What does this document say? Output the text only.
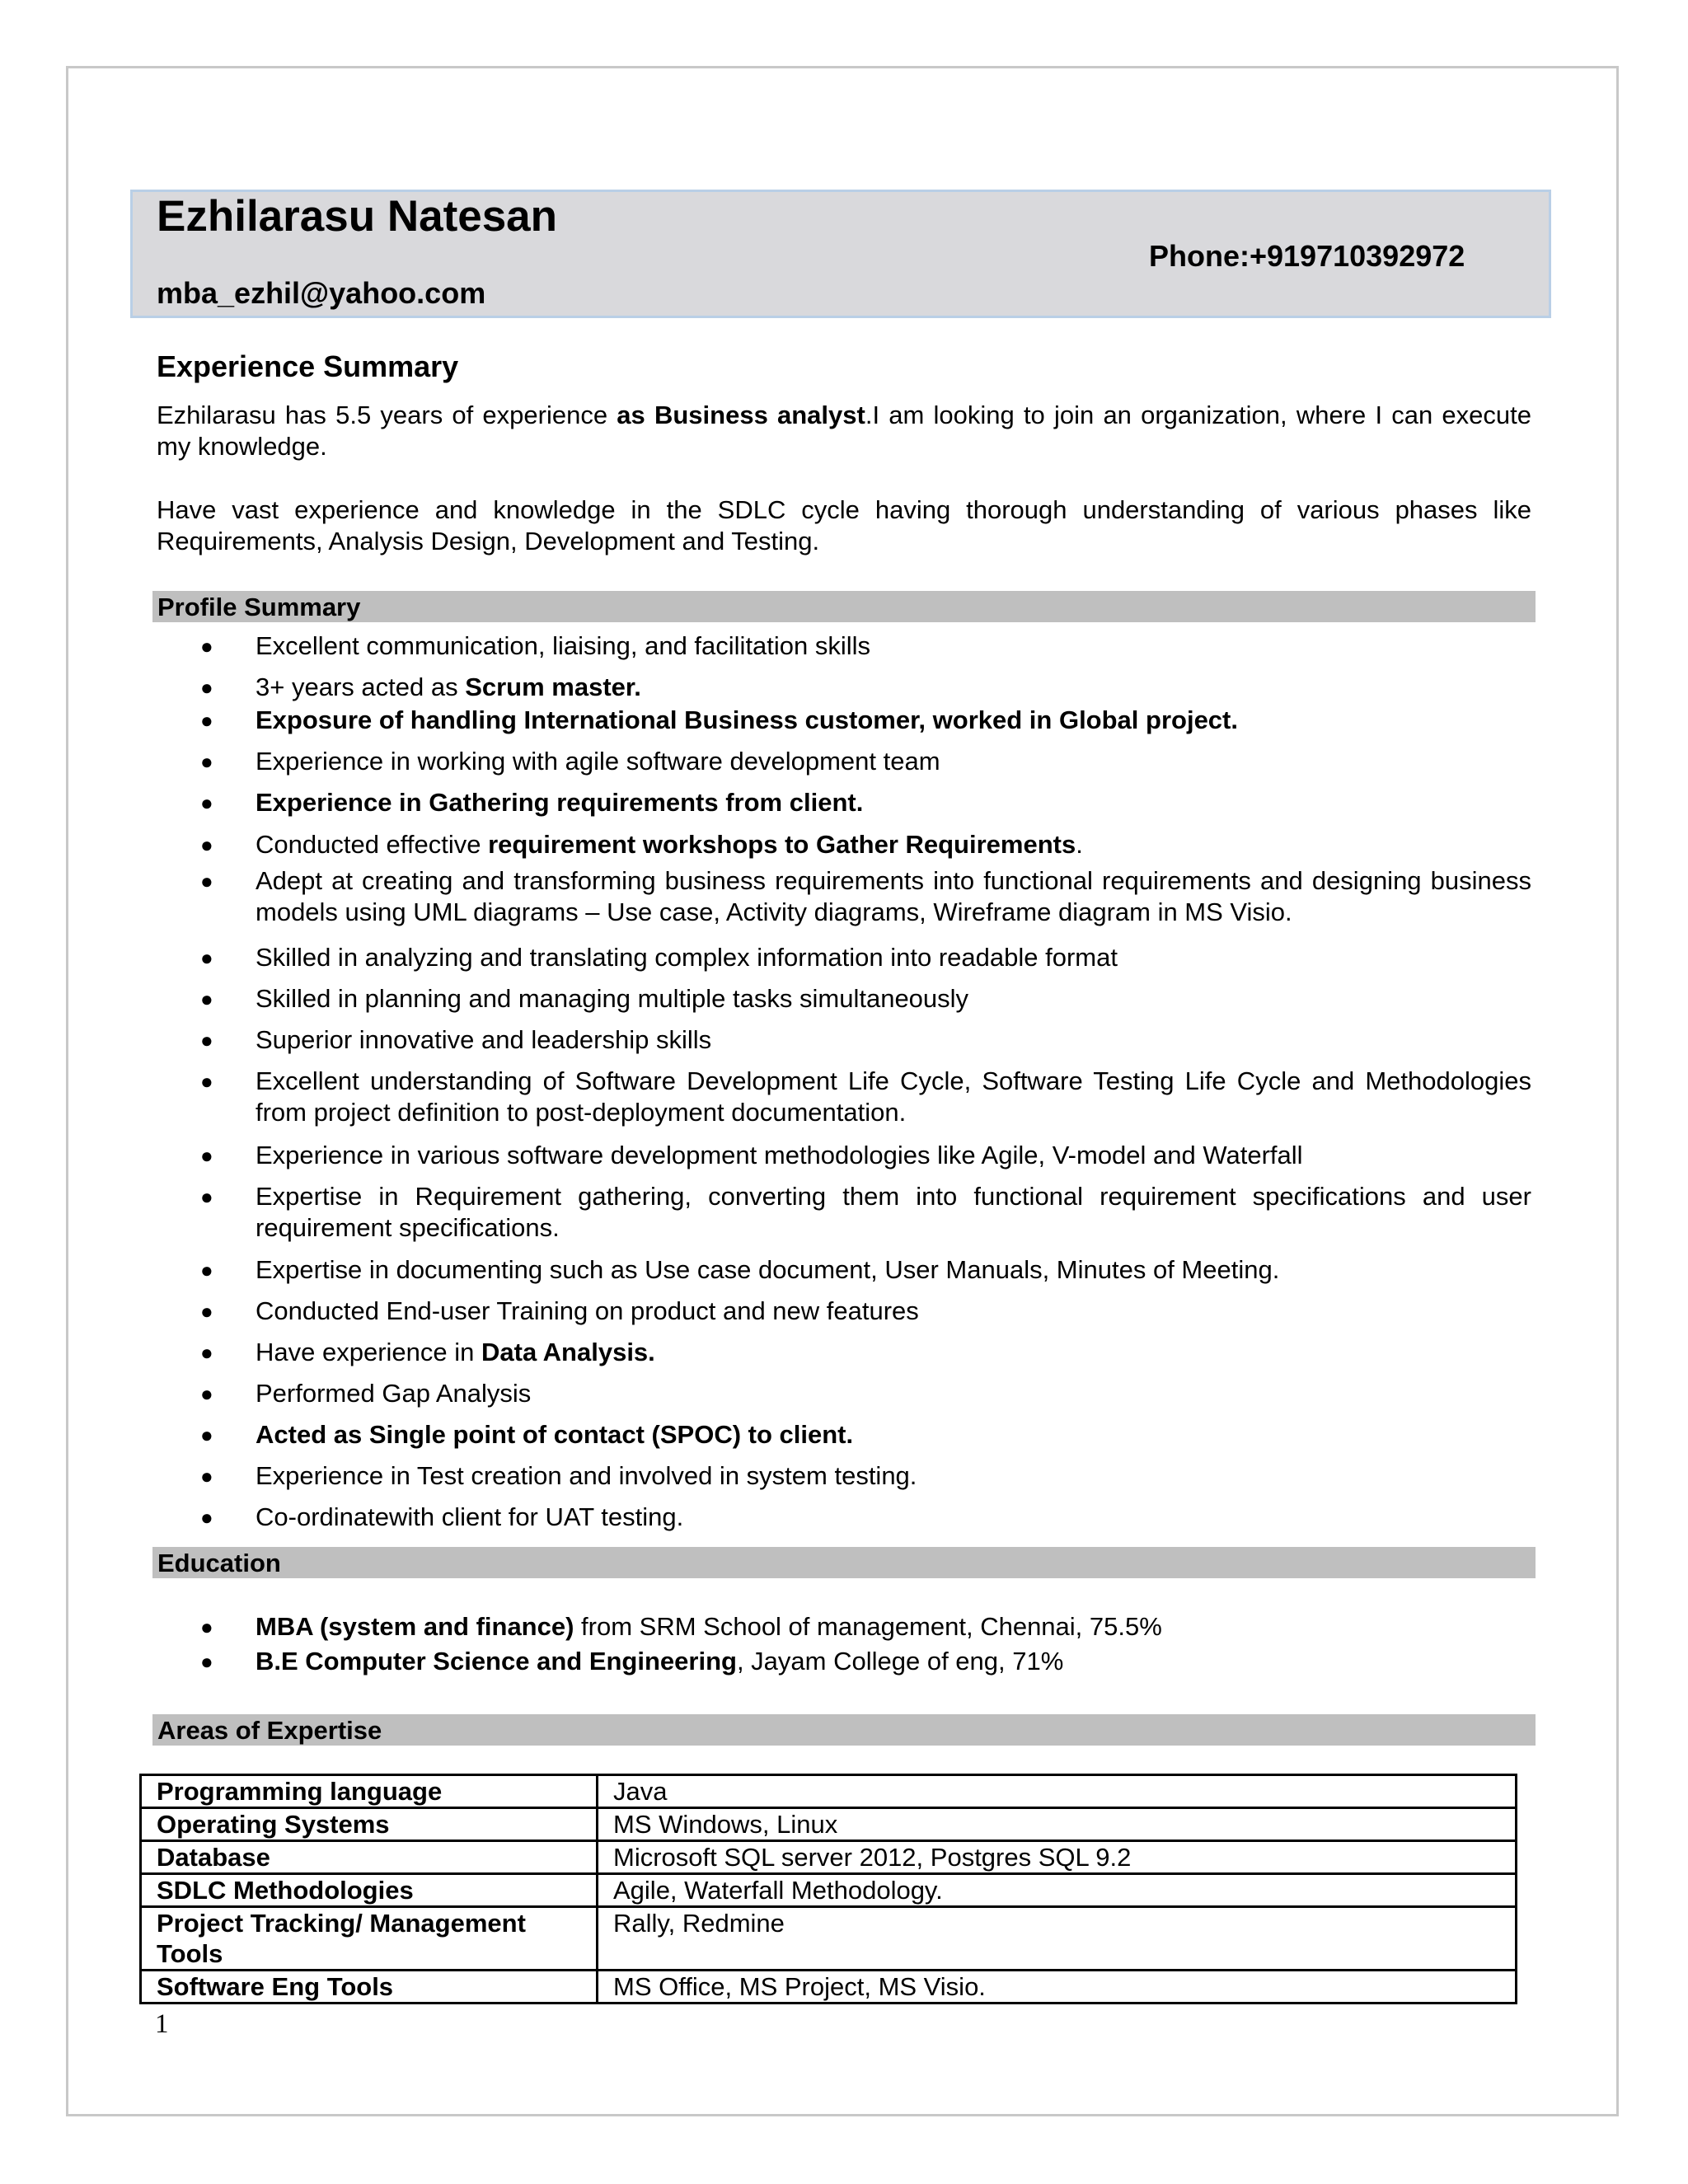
Ezhilarasu Natesan
Phone:+919710392972
mba_ezhil@yahoo.com
Experience Summary
Ezhilarasu has 5.5 years of experience as Business analyst.I am looking to join an organization, where I can execute my knowledge.
Have vast experience and knowledge in the SDLC cycle having thorough understanding of various phases like Requirements, Analysis Design, Development and Testing.
Profile Summary
● Excellent communication, liaising, and facilitation skills
● 3+ years acted as Scrum master.
● Exposure of handling International Business customer, worked in Global project.
● Experience in working with agile software development team
● Experience in Gathering requirements from client.
● Conducted effective requirement workshops to Gather Requirements.
● Adept at creating and transforming business requirements into functional requirements and designing business models using UML diagrams – Use case, Activity diagrams, Wireframe diagram in MS Visio.
● Skilled in analyzing and translating complex information into readable format
● Skilled in planning and managing multiple tasks simultaneously
● Superior innovative and leadership skills
● Excellent understanding of Software Development Life Cycle, Software Testing Life Cycle and Methodologies from project definition to post-deployment documentation.
● Experience in various software development methodologies like Agile, V-model and Waterfall
● Expertise in Requirement gathering, converting them into functional requirement specifications and user requirement specifications.
● Expertise in documenting such as Use case document, User Manuals, Minutes of Meeting.
● Conducted End-user Training on product and new features
● Have experience in Data Analysis.
● Performed Gap Analysis
● Acted as Single point of contact (SPOC) to client.
● Experience in Test creation and involved in system testing.
● Co-ordinatewith client for UAT testing.
Education
● MBA (system and finance) from SRM School of management, Chennai, 75.5%
● B.E Computer Science and Engineering, Jayam College of eng, 71%
Areas of Expertise
Programming language	Java
Operating Systems	MS Windows, Linux
Database	Microsoft SQL server 2012, Postgres SQL 9.2
SDLC Methodologies	Agile, Waterfall Methodology.
Project Tracking/ Management Tools	Rally, Redmine
Software Eng Tools	MS Office, MS Project, MS Visio.
1
